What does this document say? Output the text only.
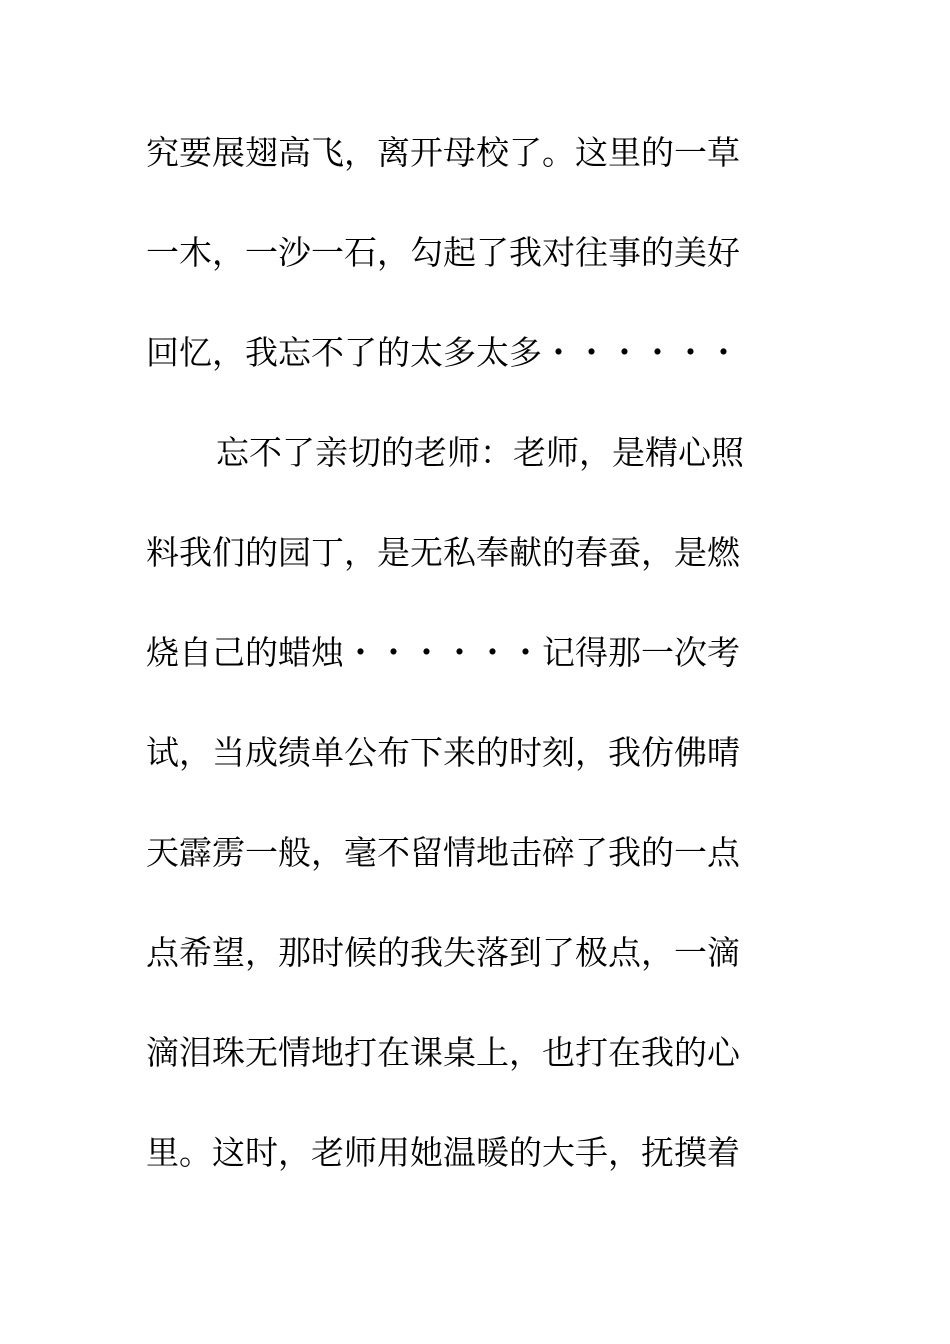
究要展翅高飞，离开母校了。这里的一草
一木，一沙一石，勾起了我对往事的美好
回忆，我忘不了的太多太多・・・・・・
忘不了亲切的老师：老师，是精心照
料我们的园丁，是无私奉献的春蚕，是燃
烧自己的蜡烛・・・・・・记得那一次考
试，当成绩单公布下来的时刻，我仿佛晴
天霹雳一般，毫不留情地击碎了我的一点
点希望，那时候的我失落到了极点，一滴
滴泪珠无情地打在课桌上，也打在我的心
里。这时，老师用她温暖的大手，抚摸着
